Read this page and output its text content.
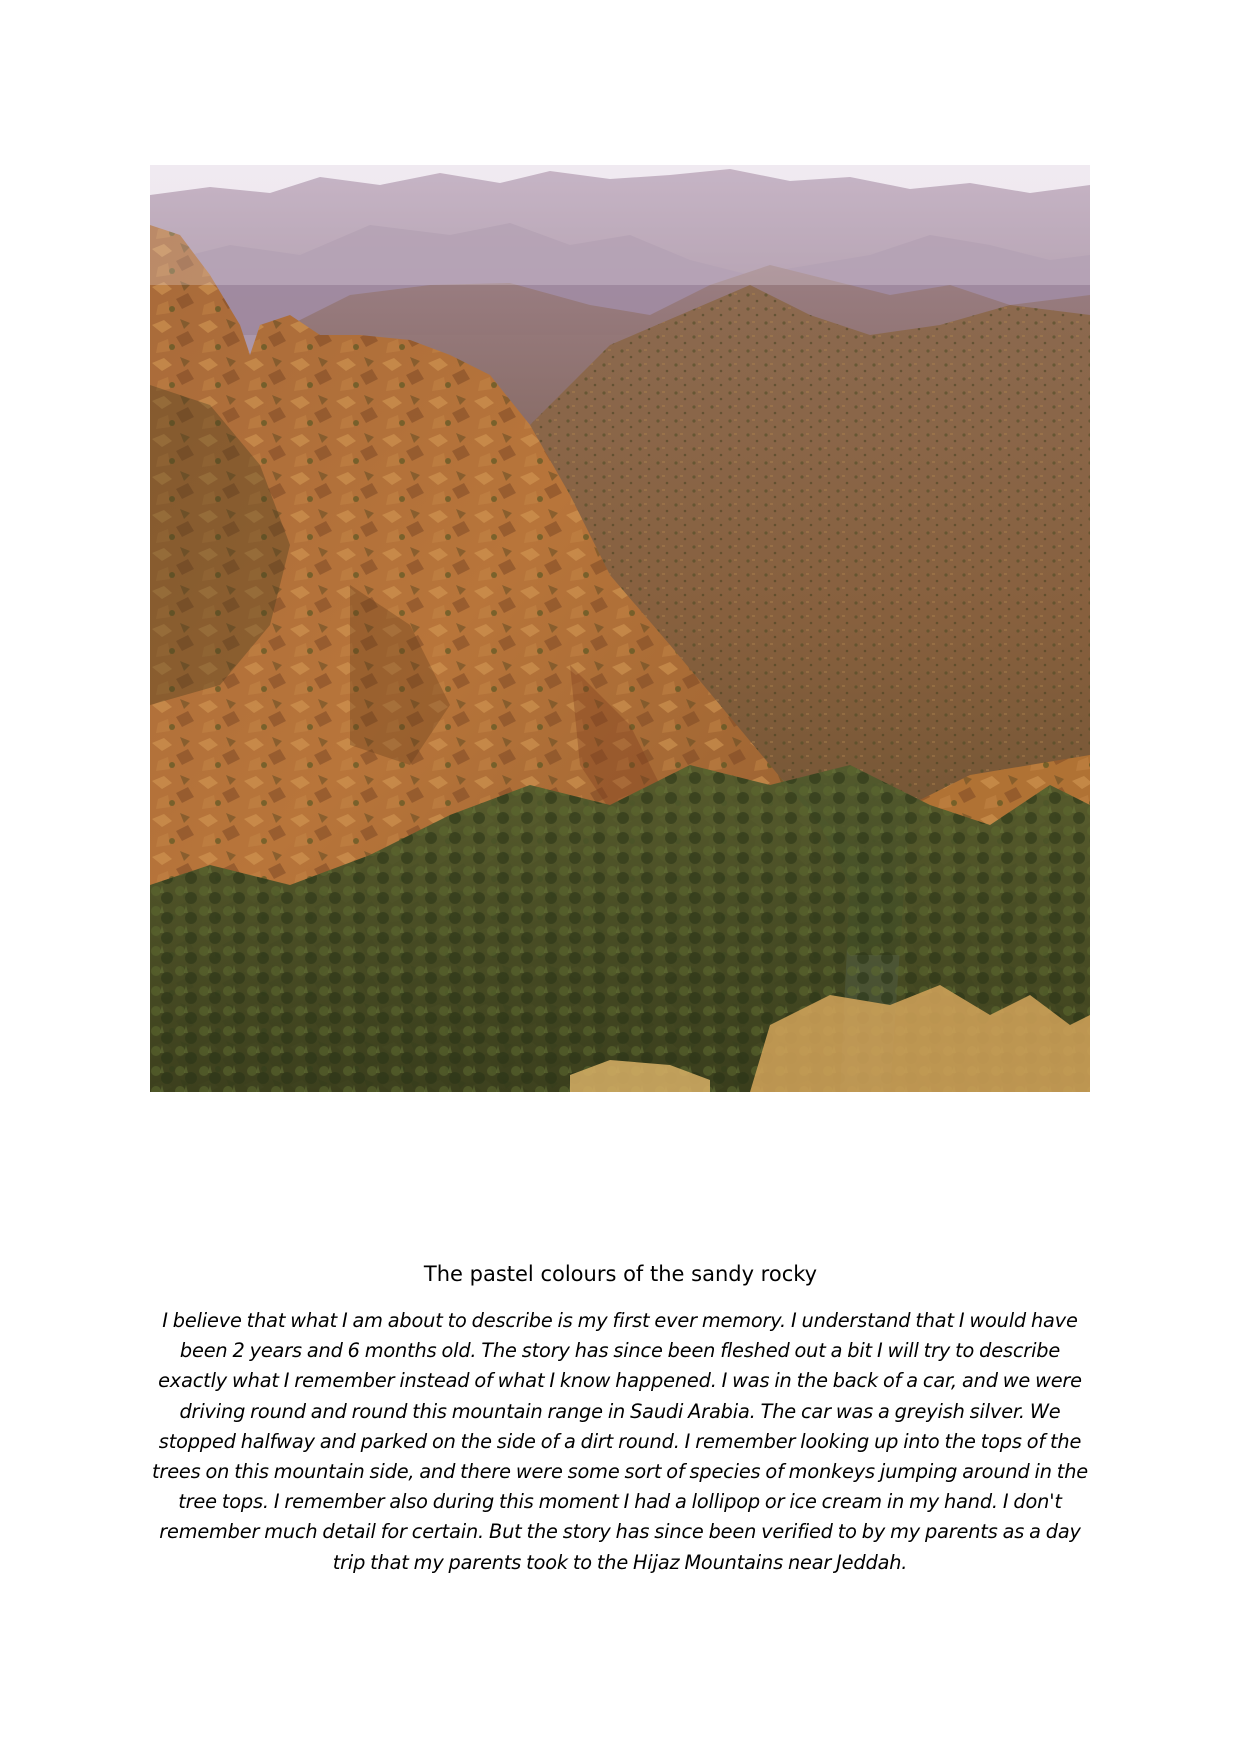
The pastel colours of the sandy rocky
I believe that what I am about to describe is my first ever memory. I understand that I would have been 2 years and 6 months old. The story has since been fleshed out a bit I will try to describe exactly what I remember instead of what I know happened. I was in the back of a car, and we were driving round and round this mountain range in Saudi Arabia. The car was a greyish silver. We stopped halfway and parked on the side of a dirt round. I remember looking up into the tops of the trees on this mountain side, and there were some sort of species of monkeys jumping around in the tree tops. I remember also during this moment I had a lollipop or ice cream in my hand. I don't remember much detail for certain. But the story has since been verified to by my parents as a day trip that my parents took to the Hijaz Mountains near Jeddah.
